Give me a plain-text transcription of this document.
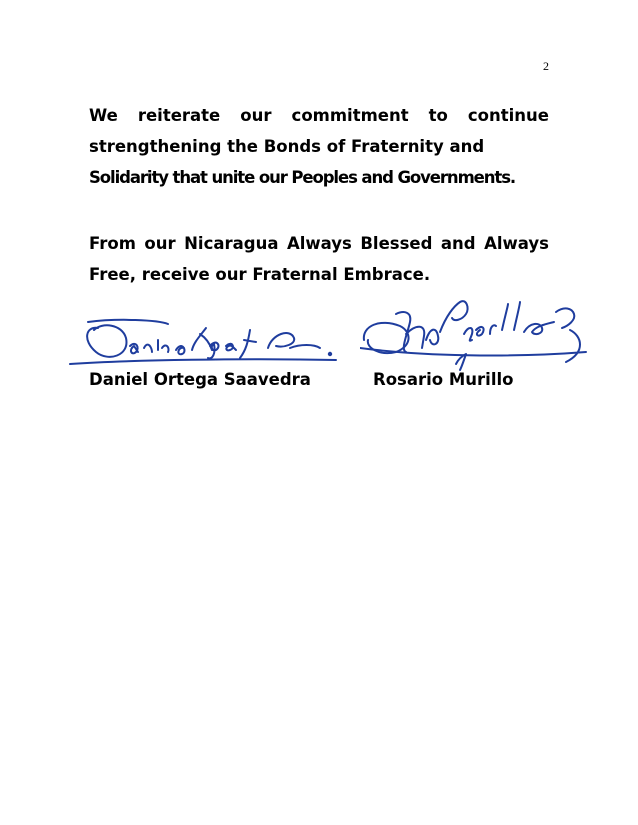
2

We reiterate our commitment to continue strengthening the Bonds of Fraternity and
Solidarity that unite our Peoples and Governments.

From our Nicaragua Always Blessed and Always Free, receive our Fraternal Embrace.

Daniel Ortega Saavedra	Rosario Murillo
